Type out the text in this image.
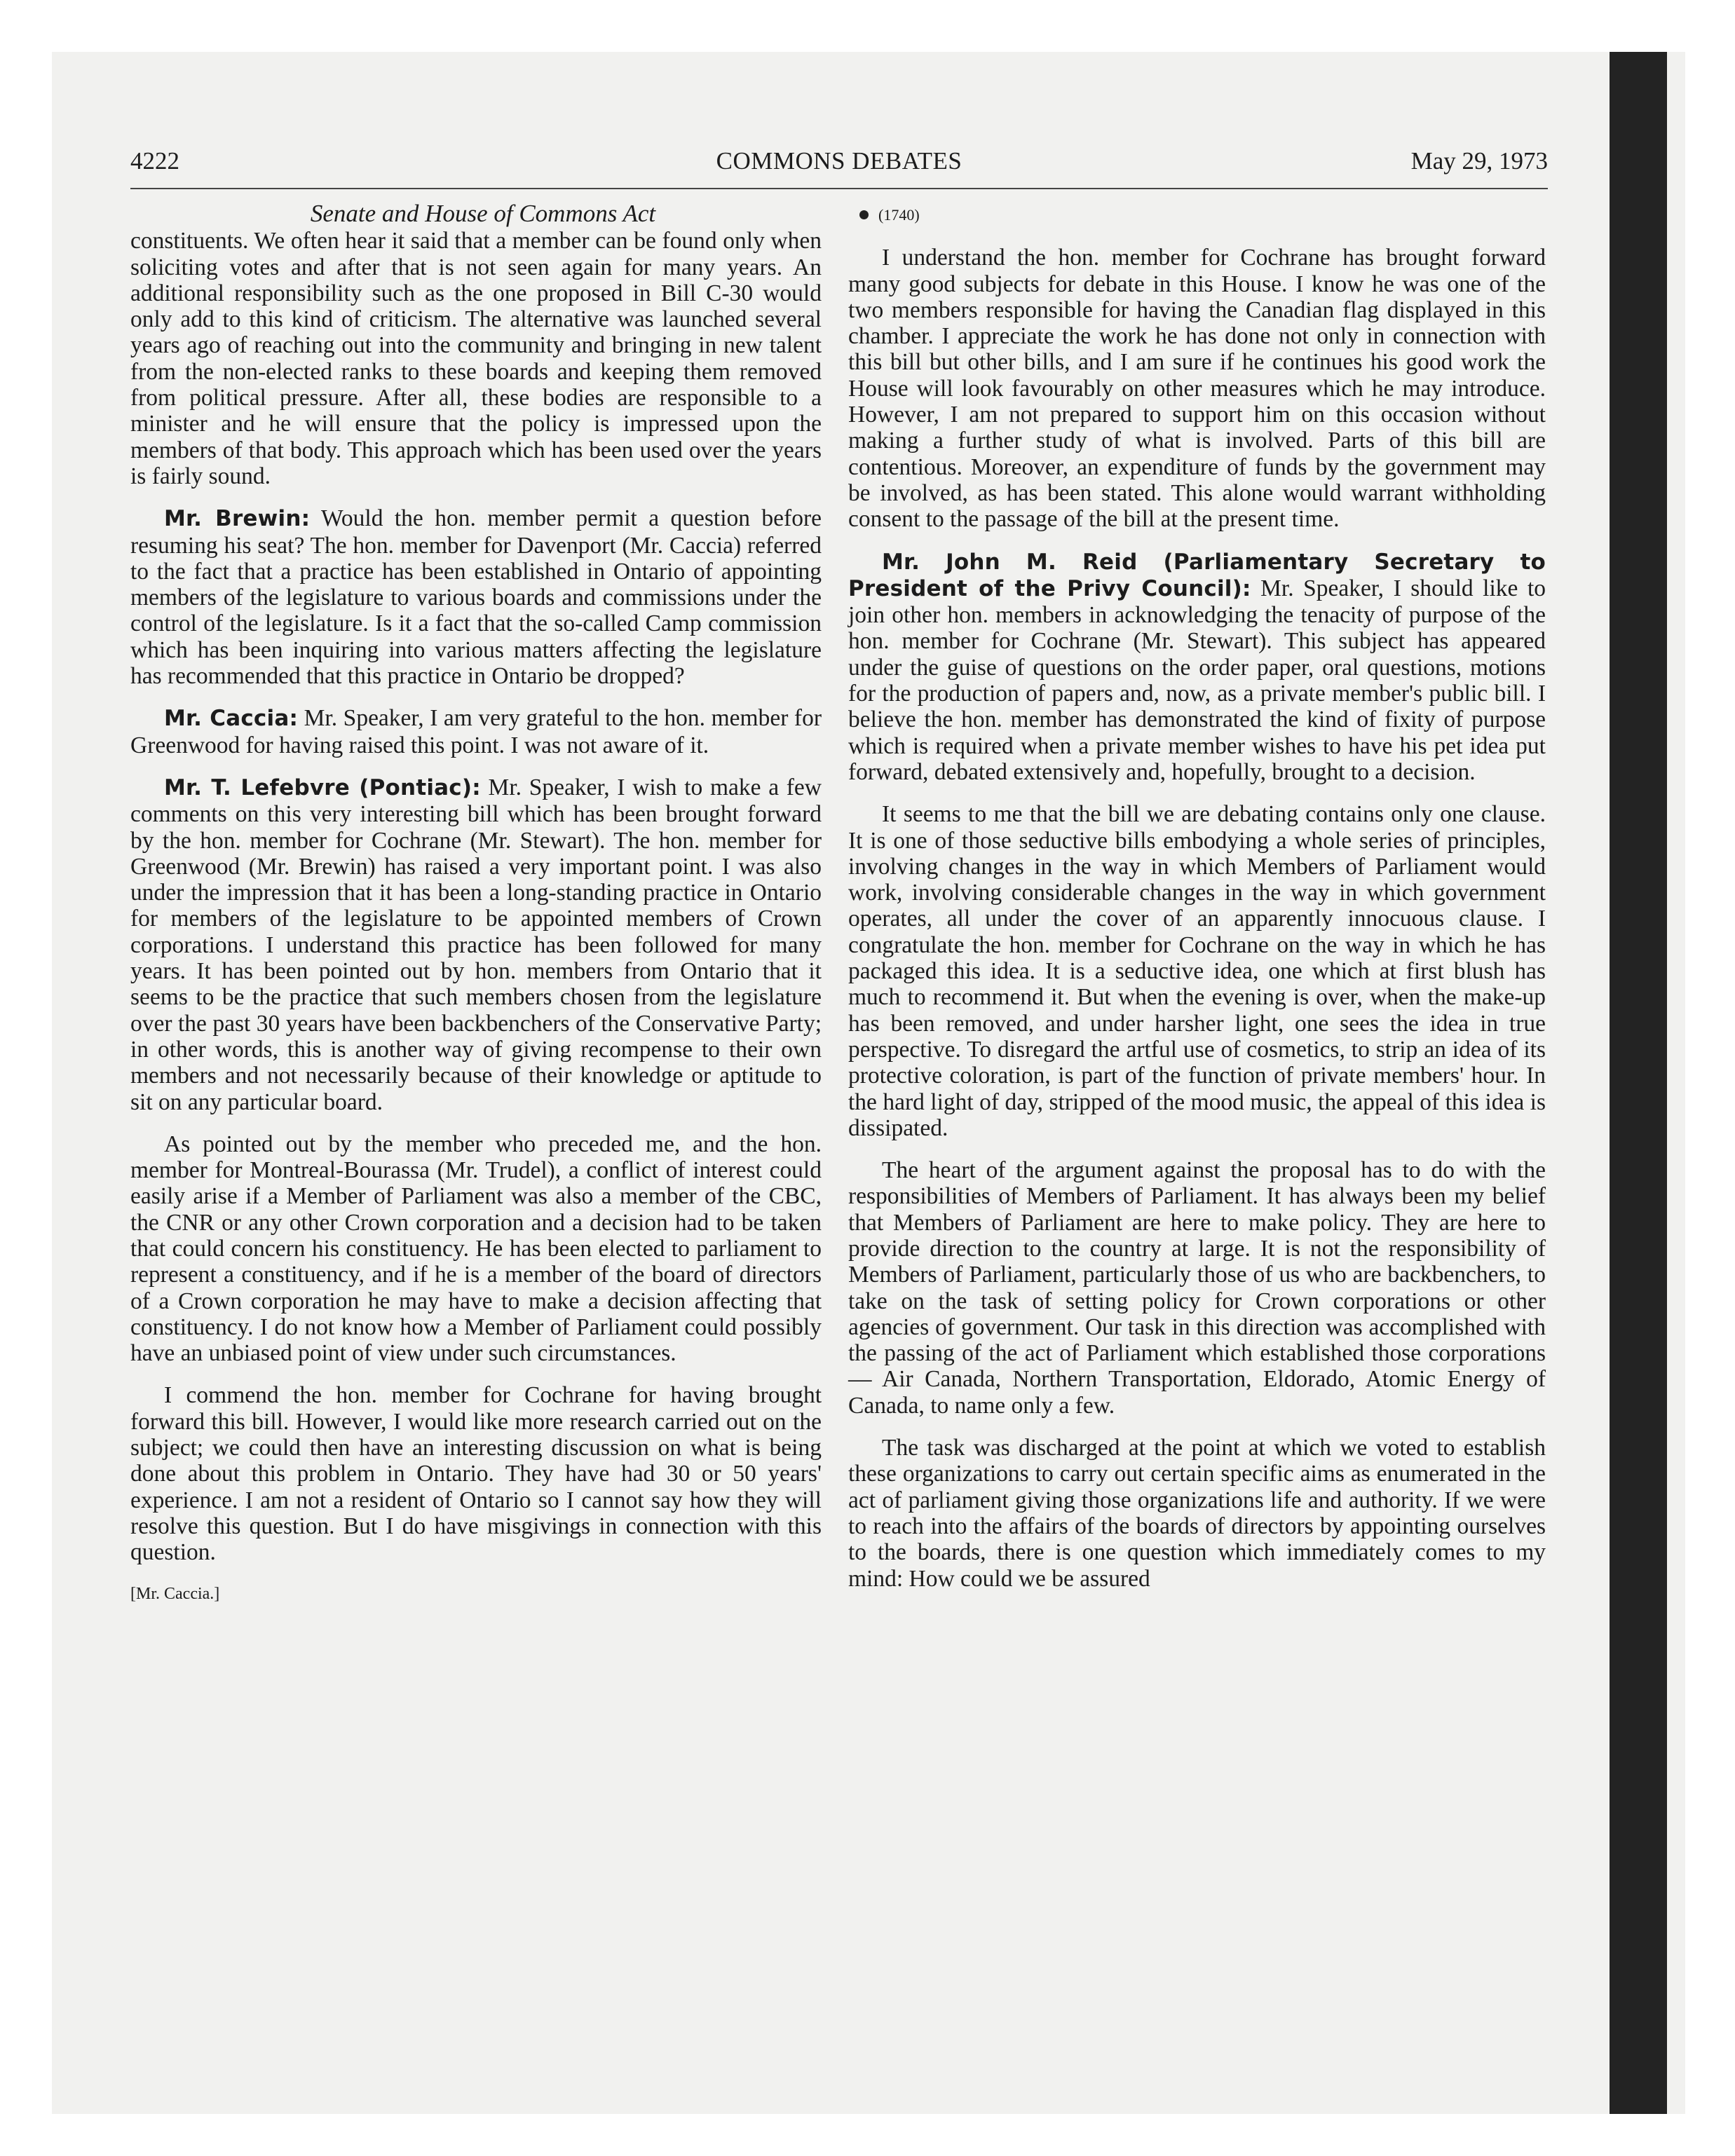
4222	COMMONS DEBATES	May 29, 1973
Senate and House of Commons Act

constituents. We often hear it said that a member can be found only when soliciting votes and after that is not seen again for many years. An additional responsibility such as the one proposed in Bill C-30 would only add to this kind of criticism. The alternative was launched several years ago of reaching out into the community and bringing in new talent from the non-elected ranks to these boards and keeping them removed from political pressure. After all, these bodies are responsible to a minister and he will ensure that the policy is impressed upon the members of that body. This approach which has been used over the years is fairly sound.

Mr. Brewin: Would the hon. member permit a question before resuming his seat? The hon. member for Davenport (Mr. Caccia) referred to the fact that a practice has been established in Ontario of appointing members of the legislature to various boards and commissions under the control of the legislature. Is it a fact that the so-called Camp commission which has been inquiring into various matters affecting the legislature has recommended that this practice in Ontario be dropped?

Mr. Caccia: Mr. Speaker, I am very grateful to the hon. member for Greenwood for having raised this point. I was not aware of it.

Mr. T. Lefebvre (Pontiac): Mr. Speaker, I wish to make a few comments on this very interesting bill which has been brought forward by the hon. member for Cochrane (Mr. Stewart). The hon. member for Greenwood (Mr. Brewin) has raised a very important point. I was also under the impression that it has been a long-standing practice in Ontario for members of the legislature to be appointed members of Crown corporations. I understand this practice has been followed for many years. It has been pointed out by hon. members from Ontario that it seems to be the practice that such members chosen from the legislature over the past 30 years have been backbenchers of the Conservative Party; in other words, this is another way of giving recompense to their own members and not necessarily because of their knowledge or aptitude to sit on any particular board.

As pointed out by the member who preceded me, and the hon. member for Montreal-Bourassa (Mr. Trudel), a conflict of interest could easily arise if a Member of Parliament was also a member of the CBC, the CNR or any other Crown corporation and a decision had to be taken that could concern his constituency. He has been elected to parliament to represent a constituency, and if he is a member of the board of directors of a Crown corporation he may have to make a decision affecting that constituency. I do not know how a Member of Parliament could possibly have an unbiased point of view under such circumstances.

I commend the hon. member for Cochrane for having brought forward this bill. However, I would like more research carried out on the subject; we could then have an interesting discussion on what is being done about this problem in Ontario. They have had 30 or 50 years' experience. I am not a resident of Ontario so I cannot say how they will resolve this question. But I do have misgivings in connection with this question.

[Mr. Caccia.]
(1740)

I understand the hon. member for Cochrane has brought forward many good subjects for debate in this House. I know he was one of the two members responsible for having the Canadian flag displayed in this chamber. I appreciate the work he has done not only in connection with this bill but other bills, and I am sure if he continues his good work the House will look favourably on other measures which he may introduce. However, I am not prepared to support him on this occasion without making a further study of what is involved. Parts of this bill are contentious. Moreover, an expenditure of funds by the government may be involved, as has been stated. This alone would warrant withholding consent to the passage of the bill at the present time.

Mr. John M. Reid (Parliamentary Secretary to President of the Privy Council): Mr. Speaker, I should like to join other hon. members in acknowledging the tenacity of purpose of the hon. member for Cochrane (Mr. Stewart). This subject has appeared under the guise of questions on the order paper, oral questions, motions for the production of papers and, now, as a private member's public bill. I believe the hon. member has demonstrated the kind of fixity of purpose which is required when a private member wishes to have his pet idea put forward, debated extensively and, hopefully, brought to a decision.

It seems to me that the bill we are debating contains only one clause. It is one of those seductive bills embodying a whole series of principles, involving changes in the way in which Members of Parliament would work, involving considerable changes in the way in which government operates, all under the cover of an apparently innocuous clause. I congratulate the hon. member for Cochrane on the way in which he has packaged this idea. It is a seductive idea, one which at first blush has much to recommend it. But when the evening is over, when the make-up has been removed, and under harsher light, one sees the idea in true perspective. To disregard the artful use of cosmetics, to strip an idea of its protective coloration, is part of the function of private members' hour. In the hard light of day, stripped of the mood music, the appeal of this idea is dissipated.

The heart of the argument against the proposal has to do with the responsibilities of Members of Parliament. It has always been my belief that Members of Parliament are here to make policy. They are here to provide direction to the country at large. It is not the responsibility of Members of Parliament, particularly those of us who are backbenchers, to take on the task of setting policy for Crown corporations or other agencies of government. Our task in this direction was accomplished with the passing of the act of Parliament which established those corporations— Air Canada, Northern Transportation, Eldorado, Atomic Energy of Canada, to name only a few.

The task was discharged at the point at which we voted to establish these organizations to carry out certain specific aims as enumerated in the act of parliament giving those organizations life and authority. If we were to reach into the affairs of the boards of directors by appointing ourselves to the boards, there is one question which immediately comes to my mind: How could we be assured
